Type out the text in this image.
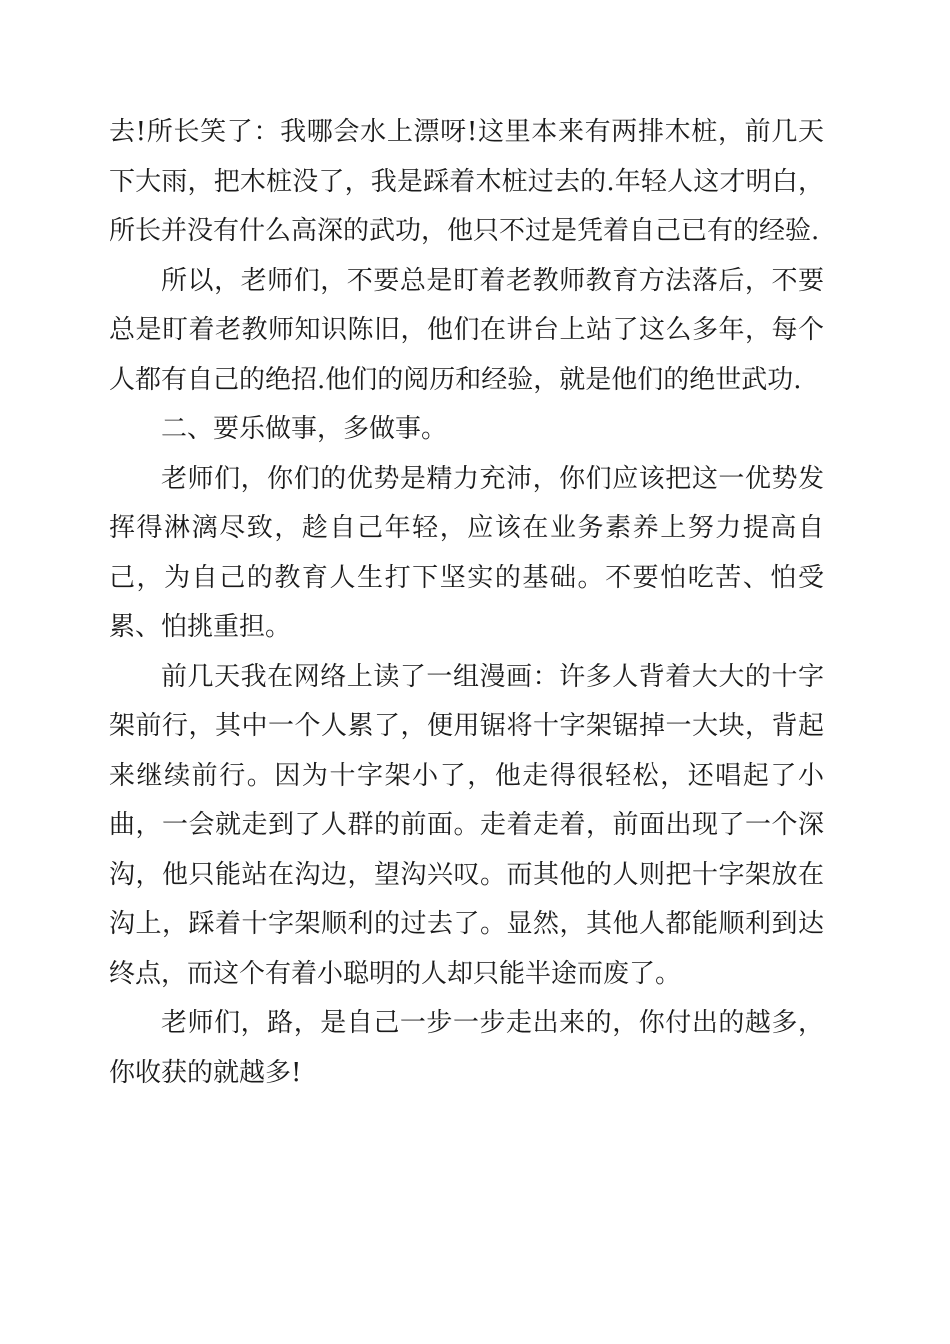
去!所长笑了：我哪会水上漂呀!这里本来有两排木桩，前几天下大雨，把木桩没了，我是踩着木桩过去的.年轻人这才明白，所长并没有什么高深的武功，他只不过是凭着自己已有的经验.

所以，老师们，不要总是盯着老教师教育方法落后，不要总是盯着老教师知识陈旧，他们在讲台上站了这么多年，每个人都有自己的绝招.他们的阅历和经验，就是他们的绝世武功.

二、要乐做事，多做事。

老师们，你们的优势是精力充沛，你们应该把这一优势发挥得淋漓尽致，趁自己年轻，应该在业务素养上努力提高自己，为自己的教育人生打下坚实的基础。不要怕吃苦、怕受累、怕挑重担。

前几天我在网络上读了一组漫画：许多人背着大大的十字架前行，其中一个人累了，便用锯将十字架锯掉一大块，背起来继续前行。因为十字架小了，他走得很轻松，还唱起了小曲，一会就走到了人群的前面。走着走着，前面出现了一个深沟，他只能站在沟边，望沟兴叹。而其他的人则把十字架放在沟上，踩着十字架顺利的过去了。显然，其他人都能顺利到达终点，而这个有着小聪明的人却只能半途而废了。

老师们，路，是自己一步一步走出来的，你付出的越多，你收获的就越多!
